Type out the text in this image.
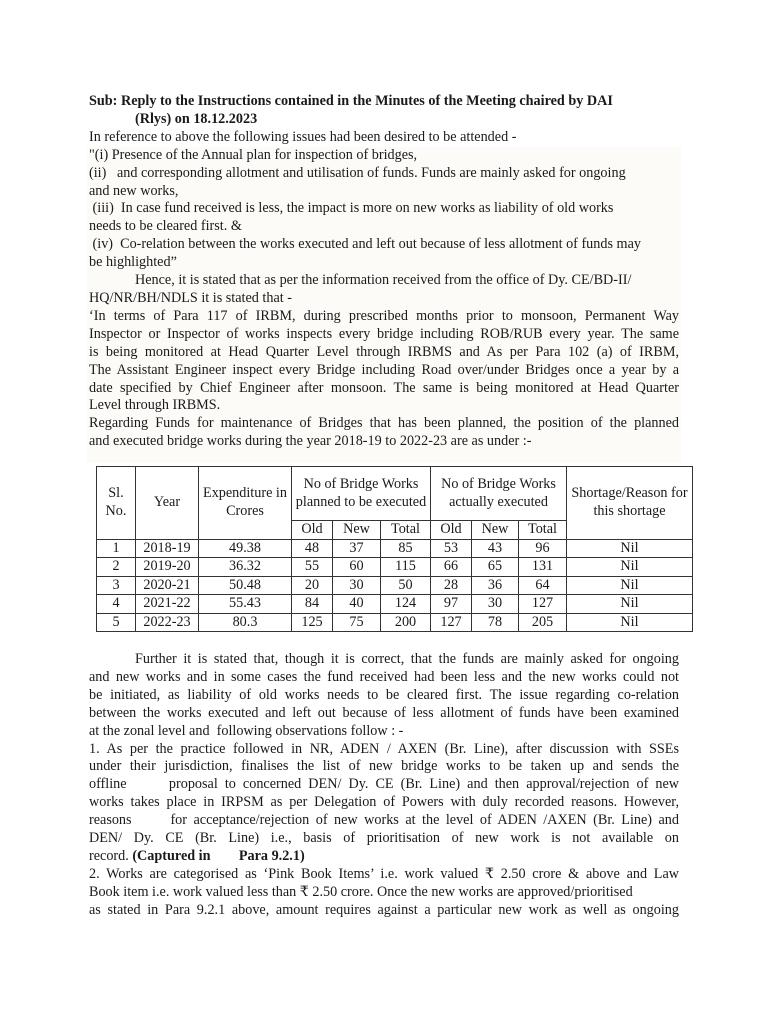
Sub: Reply to the Instructions contained in the Minutes of the Meeting chaired by DAI
(Rlys) on 18.12.2023
In reference to above the following issues had been desired to be attended -
"(i) Presence of the Annual plan for inspection of bridges,
(ii)   and corresponding allotment and utilisation of funds. Funds are mainly asked for ongoing
and new works,
(iii)  In case fund received is less, the impact is more on new works as liability of old works
needs to be cleared first. &
(iv)  Co-relation between the works executed and left out because of less allotment of funds may
be highlighted”
Hence, it is stated that as per the information received from the office of Dy. CE/BD-II/
HQ/NR/BH/NDLS it is stated that -
‘In terms of Para 117 of IRBM, during prescribed months prior to monsoon, Permanent Way
Inspector or Inspector of works inspects every bridge including ROB/RUB every year. The same
is being monitored at Head Quarter Level through IRBMS and As per Para 102 (a) of IRBM,
The Assistant Engineer inspect every Bridge including Road over/under Bridges once a year by a
date specified by Chief Engineer after monsoon. The same is being monitored at Head Quarter
Level through IRBMS.
Regarding Funds for maintenance of Bridges that has been planned, the position of the planned
and executed bridge works during the year 2018-19 to 2022-23 are as under :-
Sl. No.	Year	Expenditure in Crores	No of Bridge Works planned to be executed			No of Bridge Works actually executed			Shortage/Reason for this shortage
			Old	New	Total	Old	New	Total	
1	2018-19	49.38	48	37	85	53	43	96	Nil
2	2019-20	36.32	55	60	115	66	65	131	Nil
3	2020-21	50.48	20	30	50	28	36	64	Nil
4	2021-22	55.43	84	40	124	97	30	127	Nil
5	2022-23	80.3	125	75	200	127	78	205	Nil
Further it is stated that, though it is correct, that the funds are mainly asked for ongoing
and new works and in some cases the fund received had been less and the new works could not
be initiated, as liability of old works needs to be cleared first. The issue regarding co-relation
between the works executed and left out because of less allotment of funds have been examined
at the zonal level and  following observations follow : -
1. As per the practice followed in NR, ADEN / AXEN (Br. Line), after discussion with SSEs
under their jurisdiction, finalises the list of new bridge works to be taken up and sends the
offline      proposal to concerned DEN/ Dy. CE (Br. Line) and then approval/rejection of new
works takes place in IRPSM as per Delegation of Powers with duly recorded reasons. However,
reasons      for acceptance/rejection of new works at the level of ADEN /AXEN (Br. Line) and
DEN/ Dy. CE (Br. Line) i.e., basis of prioritisation of new work is not available on
record. (Captured in        Para 9.2.1)
2. Works are categorised as ‘Pink Book Items’ i.e. work valued ₹ 2.50 crore & above and Law
Book item i.e. work valued less than ₹ 2.50 crore. Once the new works are approved/prioritised
as stated in Para 9.2.1 above, amount requires against a particular new work as well as ongoing
